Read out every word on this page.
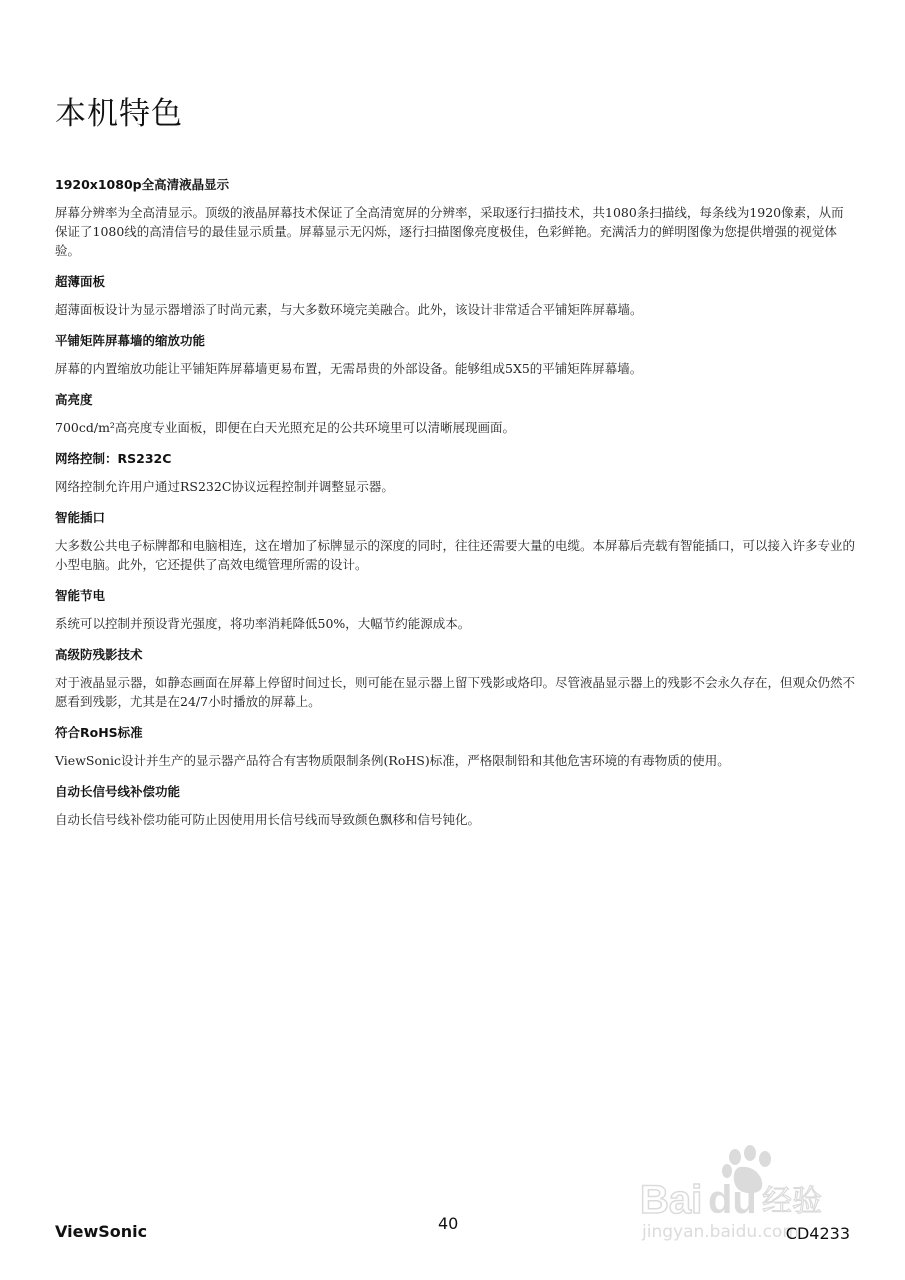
本机特色
1920x1080p全高清液晶显示

屏幕分辨率为全高清显示。顶级的液晶屏幕技术保证了全高清宽屏的分辨率，采取逐行扫描技术，共1080条扫描线，每条线为1920像素，从而保证了1080线的高清信号的最佳显示质量。屏幕显示无闪烁，逐行扫描图像亮度极佳，色彩鲜艳。充满活力的鲜明图像为您提供增强的视觉体验。

超薄面板

超薄面板设计为显示器增添了时尚元素，与大多数环境完美融合。此外，该设计非常适合平铺矩阵屏幕墙。

平铺矩阵屏幕墙的缩放功能

屏幕的内置缩放功能让平铺矩阵屏幕墙更易布置，无需昂贵的外部设备。能够组成5X5的平铺矩阵屏幕墙。

高亮度

700cd/m²高亮度专业面板，即便在白天光照充足的公共环境里可以清晰展现画面。

网络控制：RS232C

网络控制允许用户通过RS232C协议远程控制并调整显示器。

智能插口

大多数公共电子标牌都和电脑相连，这在增加了标牌显示的深度的同时，往往还需要大量的电缆。本屏幕后壳载有智能插口，可以接入许多专业的小型电脑。此外，它还提供了高效电缆管理所需的设计。

智能节电

系统可以控制并预设背光强度，将功率消耗降低50%，大幅节约能源成本。

高级防残影技术

对于液晶显示器，如静态画面在屏幕上停留时间过长，则可能在显示器上留下残影或烙印。尽管液晶显示器上的残影不会永久存在，但观众仍然不愿看到残影，尤其是在24/7小时播放的屏幕上。

符合RoHS标准

ViewSonic设计并生产的显示器产品符合有害物质限制条例(RoHS)标准，严格限制铅和其他危害环境的有毒物质的使用。

自动长信号线补偿功能

自动长信号线补偿功能可防止因使用用长信号线而导致颜色飘移和信号钝化。

Bai du 经验
jingyan.baidu.com
ViewSonic	40
CD4233
